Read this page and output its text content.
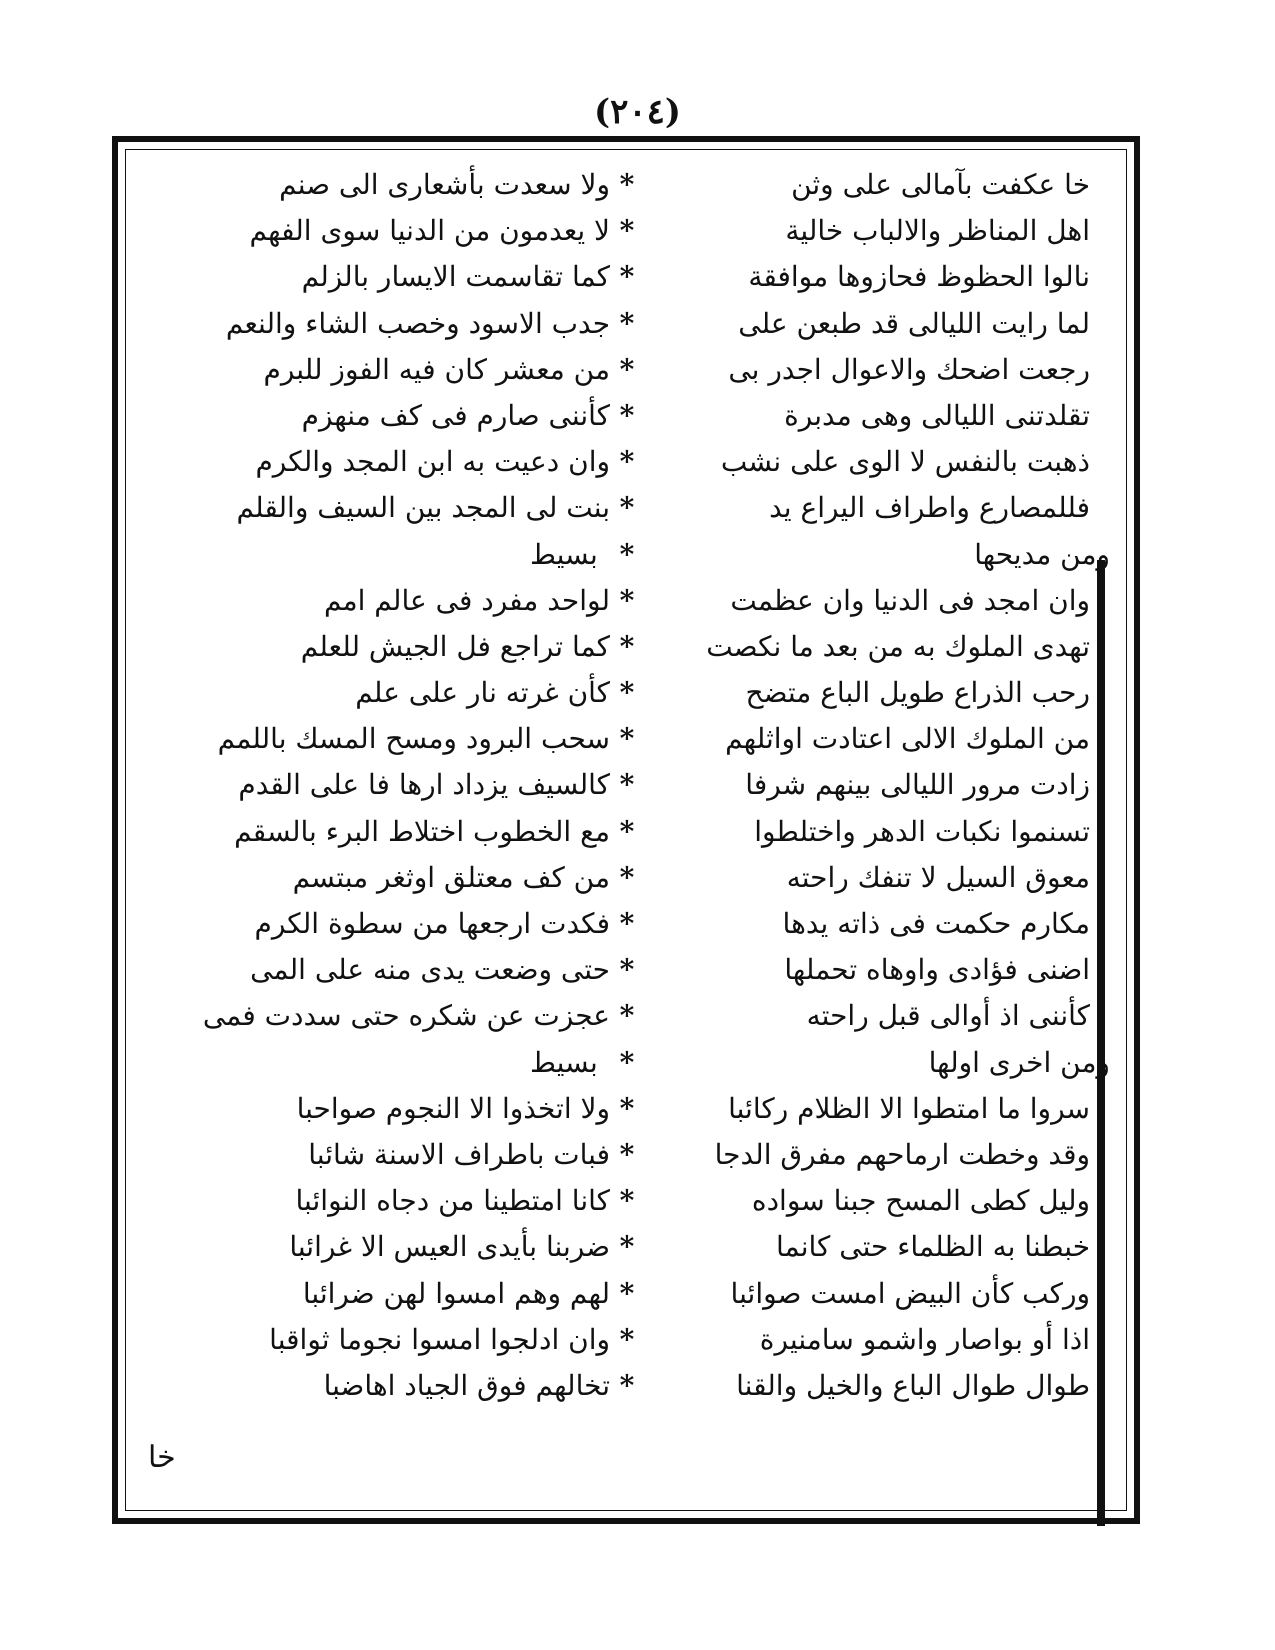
(٢٠٤)
خا عكفت بآمالى على وثن
*
ولا سعدت بأشعارى الى صنم
اهل المناظر والالباب خالية
*
لا يعدمون من الدنيا سوى الفهم
نالوا الحظوظ فحازوها موافقة
*
كما تقاسمت الايسار بالزلم
لما رايت الليالى قد طبعن على
*
جدب الاسود وخصب الشاء والنعم
رجعت اضحك والاعوال اجدر بى
*
من معشر كان فيه الفوز للبرم
تقلدتنى الليالى وهى مدبرة
*
كأننى صارم فى كف منهزم
ذهبت بالنفس لا الوى على نشب
*
وان دعيت به ابن المجد والكرم
فللمصارع واطراف اليراع يد
*
بنت لى المجد بين السيف والقلم
ومن مديحها
*
بسيط
وان امجد فى الدنيا وان عظمت
*
لواحد مفرد فى عالم امم
تهدى الملوك به من بعد ما نكصت
*
كما تراجع فل الجيش للعلم
رحب الذراع طويل الباع متضح
*
كأن غرته نار على علم
من الملوك الالى اعتادت اواثلهم
*
سحب البرود ومسح المسك باللمم
زادت مرور الليالى بينهم شرفا
*
كالسيف يزداد ارها فا على القدم
تسنموا نكبات الدهر واختلطوا
*
مع الخطوب اختلاط البرء بالسقم
معوق السيل لا تنفك راحته
*
من كف معتلق اوثغر مبتسم
مكارم حكمت فى ذاته يدها
*
فكدت ارجعها من سطوة الكرم
اضنى فؤادى واوهاه تحملها
*
حتى وضعت يدى منه على المى
كأننى اذ أوالى قبل راحته
*
عجزت عن شكره حتى سددت فمى
ومن اخرى اولها
*
بسيط
سروا ما امتطوا الا الظلام ركائبا
*
ولا اتخذوا الا النجوم صواحبا
وقد وخطت ارماحهم مفرق الدجا
*
فبات باطراف الاسنة شائبا
وليل كطى المسح جبنا سواده
*
كانا امتطينا من دجاه النوائبا
خبطنا به الظلماء حتى كانما
*
ضربنا بأيدى العيس الا غرائبا
وركب كأن البيض امست صوائبا
*
لهم وهم امسوا لهن ضرائبا
اذا أو بواصار واشمو سامنيرة
*
وان ادلجوا امسوا نجوما ثواقبا
طوال طوال الباع والخيل والقنا
*
تخالهم فوق الجياد اهاضبا
خا
